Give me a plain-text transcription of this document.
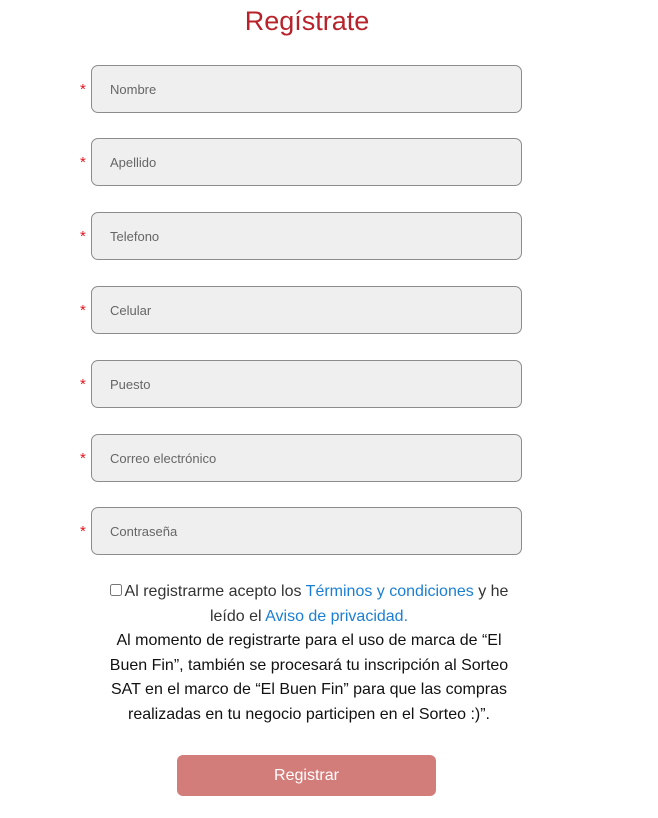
Regístrate
*
Nombre
*
Apellido
*
Telefono
*
Celular
*
Puesto
*
Correo electrónico
*
Al registrarme acepto los Términos y condiciones y he leído el Aviso de privacidad.
Al momento de registrarte para el uso de marca de “El Buen Fin”, también se procesará tu inscripción al Sorteo SAT en el marco de “El Buen Fin” para que las compras realizadas en tu negocio participen en el Sorteo :)”.
Registrar
